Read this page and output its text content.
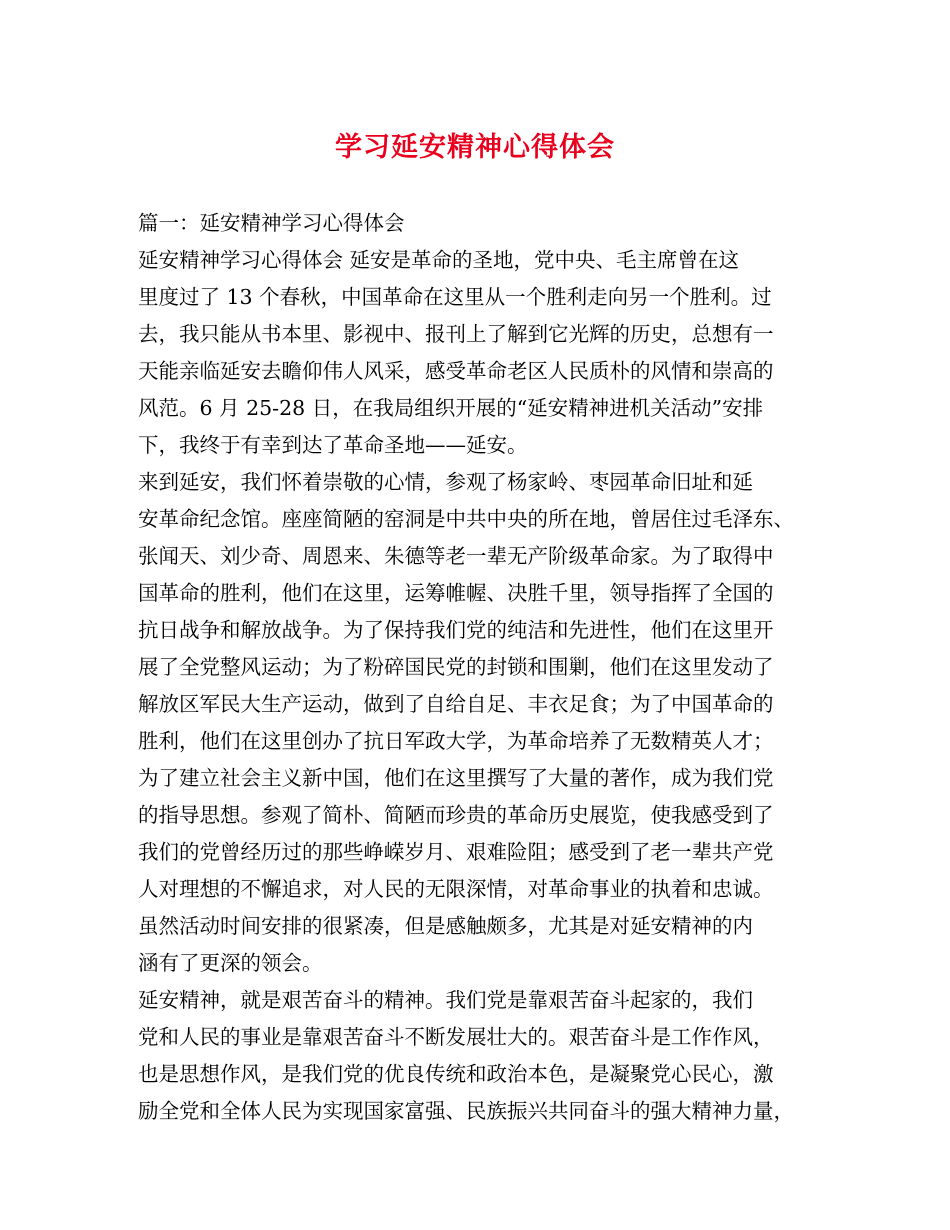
学习延安精神心得体会
篇一：延安精神学习心得体会
延安精神学习心得体会 延安是革命的圣地，党中央、毛主席曾在这
里度过了 13 个春秋，中国革命在这里从一个胜利走向另一个胜利。过
去，我只能从书本里、影视中、报刊上了解到它光辉的历史，总想有一
天能亲临延安去瞻仰伟人风采，感受革命老区人民质朴的风情和崇高的
风范。6 月 25-28 日，在我局组织开展的“延安精神进机关活动”安排
下，我终于有幸到达了革命圣地——延安。
来到延安，我们怀着崇敬的心情，参观了杨家岭、枣园革命旧址和延
安革命纪念馆。座座简陋的窑洞是中共中央的所在地，曾居住过毛泽东、
张闻天、刘少奇、周恩来、朱德等老一辈无产阶级革命家。为了取得中
国革命的胜利，他们在这里，运筹帷幄、决胜千里，领导指挥了全国的
抗日战争和解放战争。为了保持我们党的纯洁和先进性，他们在这里开
展了全党整风运动；为了粉碎国民党的封锁和围剿，他们在这里发动了
解放区军民大生产运动，做到了自给自足、丰衣足食；为了中国革命的
胜利，他们在这里创办了抗日军政大学，为革命培养了无数精英人才；
为了建立社会主义新中国，他们在这里撰写了大量的著作，成为我们党
的指导思想。参观了简朴、简陋而珍贵的革命历史展览，使我感受到了
我们的党曾经历过的那些峥嵘岁月、艰难险阻；感受到了老一辈共产党
人对理想的不懈追求，对人民的无限深情，对革命事业的执着和忠诚。
虽然活动时间安排的很紧凑，但是感触颇多，尤其是对延安精神的内
涵有了更深的领会。
延安精神，就是艰苦奋斗的精神。我们党是靠艰苦奋斗起家的，我们
党和人民的事业是靠艰苦奋斗不断发展壮大的。艰苦奋斗是工作作风，
也是思想作风，是我们党的优良传统和政治本色，是凝聚党心民心，激
励全党和全体人民为实现国家富强、民族振兴共同奋斗的强大精神力量，
